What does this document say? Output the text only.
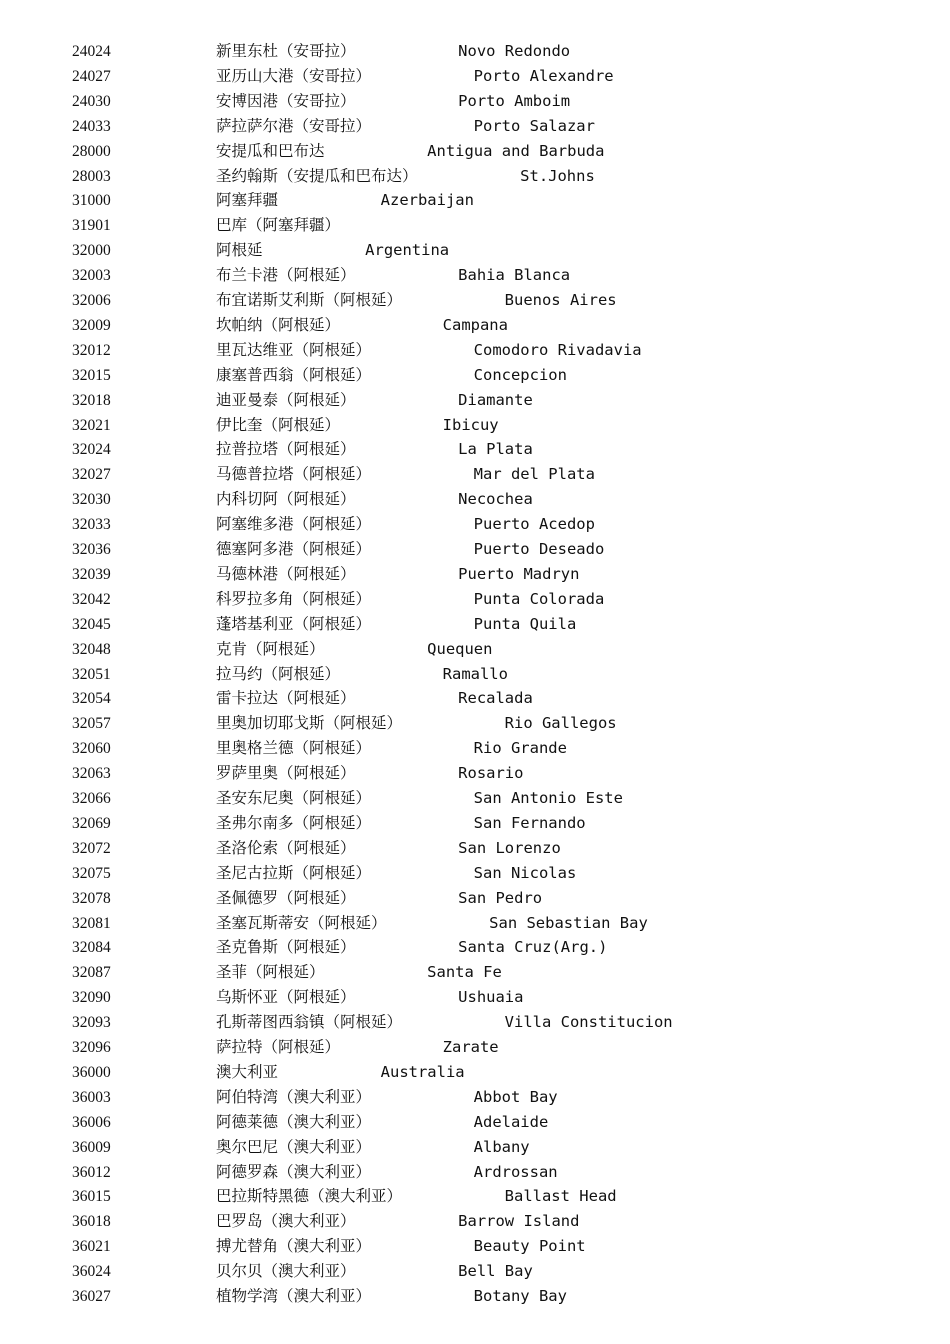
24024	新里东杜（安哥拉）           Novo Redondo
24027	亚历山大港（安哥拉）           Porto Alexandre
24030	安博因港（安哥拉）           Porto Amboim
24033	萨拉萨尔港（安哥拉）           Porto Salazar
28000	安提瓜和巴布达           Antigua and Barbuda
28003	圣约翰斯（安提瓜和巴布达）           St.Johns
31000	阿塞拜疆           Azerbaijan
31901	巴库（阿塞拜疆）
32000	阿根延           Argentina
32003	布兰卡港（阿根延）           Bahia Blanca
32006	布宜诺斯艾利斯（阿根延）           Buenos Aires
32009	坎帕纳（阿根延）           Campana
32012	里瓦达维亚（阿根延）           Comodoro Rivadavia
32015	康塞普西翁（阿根延）           Concepcion
32018	迪亚曼泰（阿根延）           Diamante
32021	伊比奎（阿根延）           Ibicuy
32024	拉普拉塔（阿根延）           La Plata
32027	马德普拉塔（阿根延）           Mar del Plata
32030	内科切阿（阿根延）           Necochea
32033	阿塞维多港（阿根延）           Puerto Acedop
32036	德塞阿多港（阿根延）           Puerto Deseado
32039	马德林港（阿根延）           Puerto Madryn
32042	科罗拉多角（阿根延）           Punta Colorada
32045	蓬塔基利亚（阿根延）           Punta Quila
32048	克肯（阿根延）           Quequen
32051	拉马约（阿根延）           Ramallo
32054	雷卡拉达（阿根延）           Recalada
32057	里奥加切耶戈斯（阿根延）           Rio Gallegos
32060	里奥格兰德（阿根延）           Rio Grande
32063	罗萨里奥（阿根延）           Rosario
32066	圣安东尼奥（阿根延）           San Antonio Este
32069	圣弗尔南多（阿根延）           San Fernando
32072	圣洛伦索（阿根延）           San Lorenzo
32075	圣尼古拉斯（阿根延）           San Nicolas
32078	圣佩德罗（阿根延）           San Pedro
32081	圣塞瓦斯蒂安（阿根延）           San Sebastian Bay
32084	圣克鲁斯（阿根延）           Santa Cruz(Arg.)
32087	圣菲（阿根延）           Santa Fe
32090	乌斯怀亚（阿根延）           Ushuaia
32093	孔斯蒂图西翁镇（阿根延）           Villa Constitucion
32096	萨拉特（阿根延）           Zarate
36000	澳大利亚           Australia
36003	阿伯特湾（澳大利亚）           Abbot Bay
36006	阿德莱德（澳大利亚）           Adelaide
36009	奥尔巴尼（澳大利亚）           Albany
36012	阿德罗森（澳大利亚）           Ardrossan
36015	巴拉斯特黑德（澳大利亚）           Ballast Head
36018	巴罗岛（澳大利亚）           Barrow Island
36021	搏尤替角（澳大利亚）           Beauty Point
36024	贝尔贝（澳大利亚）           Bell Bay
36027	植物学湾（澳大利亚）           Botany Bay
